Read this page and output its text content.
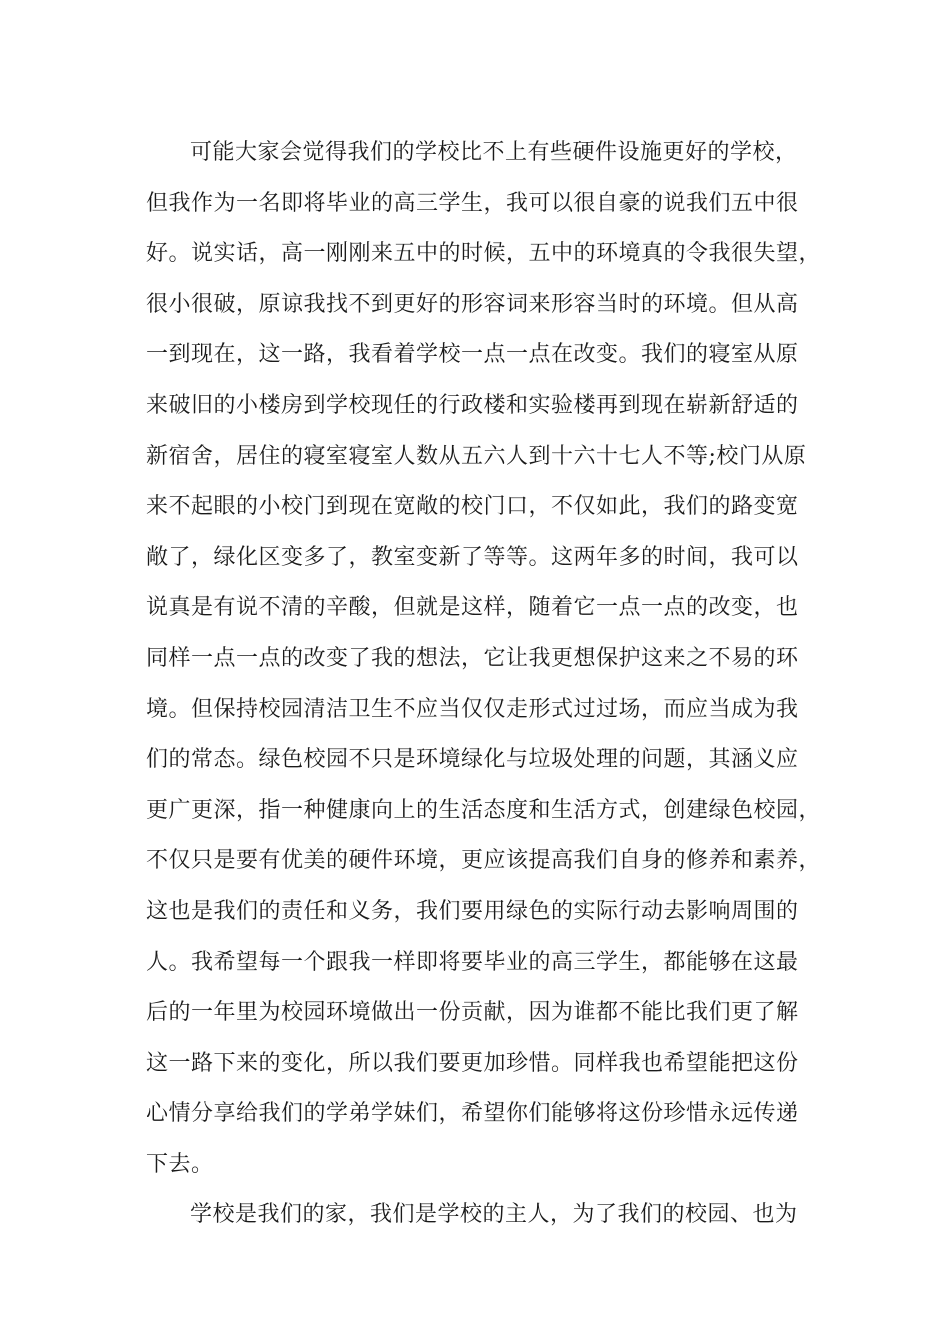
可能大家会觉得我们的学校比不上有些硬件设施更好的学校，
但我作为一名即将毕业的高三学生，我可以很自豪的说我们五中很
好。说实话，高一刚刚来五中的时候，五中的环境真的令我很失望，
很小很破，原谅我找不到更好的形容词来形容当时的环境。但从高
一到现在，这一路，我看着学校一点一点在改变。我们的寝室从原
来破旧的小楼房到学校现任的行政楼和实验楼再到现在崭新舒适的
新宿舍，居住的寝室寝室人数从五六人到十六十七人不等;校门从原
来不起眼的小校门到现在宽敞的校门口，不仅如此，我们的路变宽
敞了，绿化区变多了，教室变新了等等。这两年多的时间，我可以
说真是有说不清的辛酸，但就是这样，随着它一点一点的改变，也
同样一点一点的改变了我的想法，它让我更想保护这来之不易的环
境。但保持校园清洁卫生不应当仅仅走形式过过场，而应当成为我
们的常态。绿色校园不只是环境绿化与垃圾处理的问题，其涵义应
更广更深，指一种健康向上的生活态度和生活方式，创建绿色校园，
不仅只是要有优美的硬件环境，更应该提高我们自身的修养和素养，
这也是我们的责任和义务，我们要用绿色的实际行动去影响周围的
人。我希望每一个跟我一样即将要毕业的高三学生，都能够在这最
后的一年里为校园环境做出一份贡献，因为谁都不能比我们更了解
这一路下来的变化，所以我们要更加珍惜。同样我也希望能把这份
心情分享给我们的学弟学妹们，希望你们能够将这份珍惜永远传递
下去。
学校是我们的家，我们是学校的主人，为了我们的校园、也为
